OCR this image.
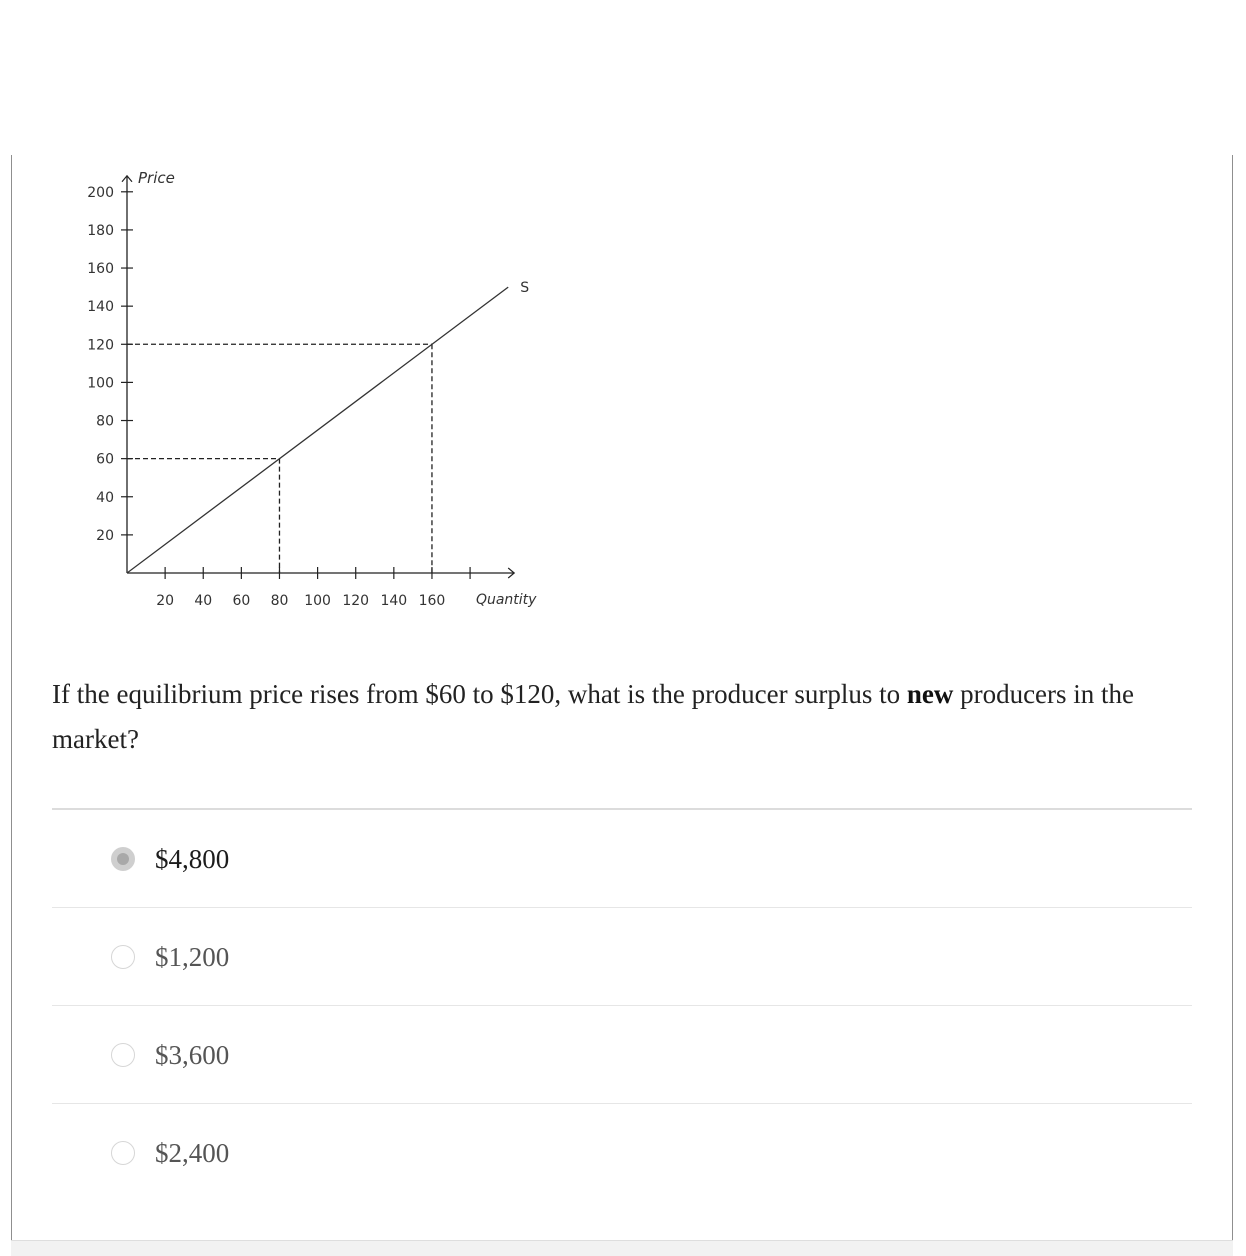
20
40
60
80
100
120
140
160
180
200
20 40 60 80 100 120 140 160
S
Price
Quantity
If the equilibrium price rises from $60 to $120, what is the producer surplus to new producers in the market?
$4,800
$1,200
$3,600
$2,400
